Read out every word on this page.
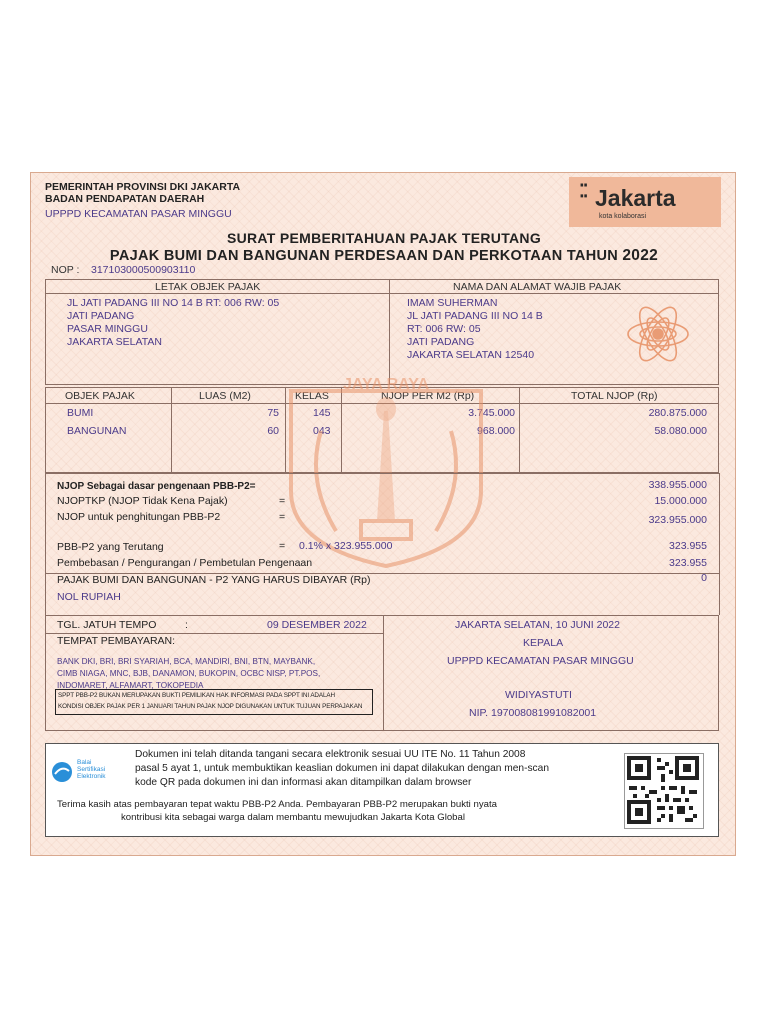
PEMERINTAH PROVINSI DKI JAKARTA
BADAN PENDAPATAN DAERAH
UPPPD KECAMATAN PASAR MINGGU
⁚⁚ Jakarta
kota kolaborasi
SURAT PEMBERITAHUAN PAJAK TERUTANG
PAJAK BUMI DAN BANGUNAN PERDESAAN DAN PERKOTAAN TAHUN 2022
NOP : 317103000500903110
LETAK OBJEK PAJAK	NAMA DAN ALAMAT WAJIB PAJAK
JL JATI PADANG III NO 14 B RT: 006 RW: 05
JATI PADANG
PASAR MINGGU
JAKARTA SELATAN
IMAM SUHERMAN
JL JATI PADANG III NO 14 B
RT: 006 RW: 05
JATI PADANG
JAKARTA SELATAN 12540
OBJEK PAJAK	LUAS (M2)	KELAS	NJOP PER M2 (Rp)	TOTAL NJOP (Rp)
BUMI	75	145	3.745.000	280.875.000
BANGUNAN	60	043	968.000	58.080.000
JAYA RAYA
NJOP Sebagai dasar pengenaan PBB-P2=	338.955.000
NJOPTKP (NJOP Tidak Kena Pajak)	=	15.000.000
NJOP untuk penghitungan PBB-P2	=	323.955.000
PBB-P2 yang Terutang	= 0.1% x 323.955.000	323.955
Pembebasan / Pengurangan / Pembetulan Pengenaan	323.955
PAJAK BUMI DAN BANGUNAN - P2 YANG HARUS DIBAYAR (Rp)	0
NOL RUPIAH
TGL. JATUH TEMPO	:	09 DESEMBER 2022
TEMPAT PEMBAYARAN:
BANK DKI, BRI, BRI SYARIAH, BCA, MANDIRI, BNI, BTN, MAYBANK,
CIMB NIAGA, MNC, BJB, DANAMON, BUKOPIN, OCBC NISP, PT.POS,
INDOMARET, ALFAMART, TOKOPEDIA
SPPT PBB-P2 BUKAN MERUPAKAN BUKTI PEMILIKAN HAK INFORMASI PADA SPPT INI ADALAH
KONDISI OBJEK PAJAK PER 1 JANUARI TAHUN PAJAK NJOP DIGUNAKAN UNTUK TUJUAN PERPAJAKAN
JAKARTA SELATAN, 10 JUNI 2022
KEPALA
UPPPD KECAMATAN PASAR MINGGU
WIDIYASTUTI
NIP. 197008081991082001
Balai
Sertifikasi
Elektronik
Dokumen ini telah ditanda tangani secara elektronik sesuai UU ITE No. 11 Tahun 2008
pasal 5 ayat 1, untuk membuktikan keaslian dokumen ini dapat dilakukan dengan men-scan
kode QR pada dokumen ini dan informasi akan ditampilkan dalam browser
Terima kasih atas pembayaran tepat waktu PBB-P2 Anda. Pembayaran PBB-P2 merupakan bukti nyata
kontribusi kita sebagai warga dalam membantu mewujudkan Jakarta Kota Global
